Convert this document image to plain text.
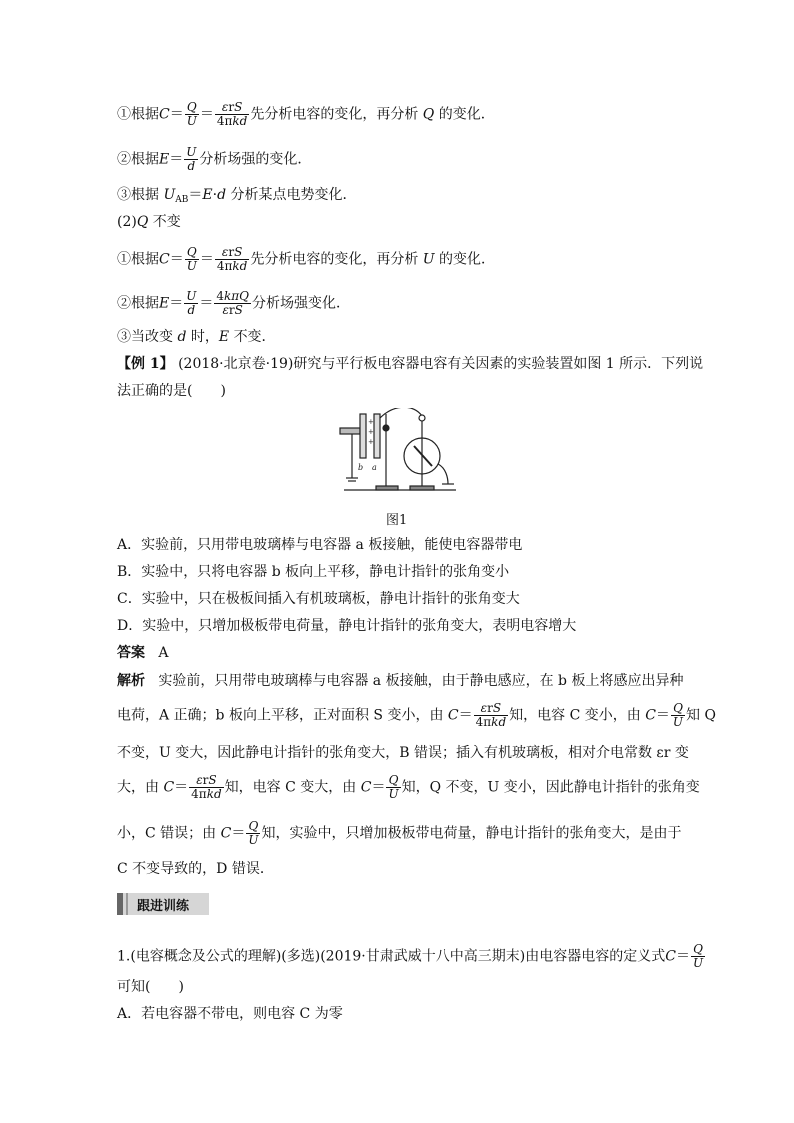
①根据$C= \frac{Q}{U} = \frac{\text{εrS}}{\text{4πkd}}$ 先分析电容的变化，再分析 Q 的变化．
②根据$E= \frac{U}{d}$ 分析场强的变化．
③根据 $U_{AB}=E\cdot d$ 分析某点电势变化．
(2)Q 不变
①根据$C= \frac{Q}{U} = \frac{\text{εrS}}{\text{4πkd}}$ 先分析电容的变化，再分析 U 的变化．
②根据$E= \frac{U}{d} = \frac{\text{4kπQ}}{\text{εrS}}$ 分析场强变化．
③当改变 d 时，E 不变．
【例 1】 (2018·北京卷·19)研究与平行板电容器电容有关因素的实验装置如图 1 所示．下列说
法正确的是(　　)
+
+
+
b a
图1
A．实验前，只用带电玻璃棒与电容器 a 板接触，能使电容器带电
B．实验中，只将电容器 b 板向上平移，静电计指针的张角变小
C．实验中，只在极板间插入有机玻璃板，静电计指针的张角变大
D．实验中，只增加极板带电荷量，静电计指针的张角变大，表明电容增大
答案 A
解析 实验前，只用带电玻璃棒与电容器 a 板接触，由于静电感应，在 b 板上将感应出异种
电荷，A 正确；b 板向上平移，正对面积 S 变小，由 $C= \frac{\text{εrS}}{\text{4πkd}}$ 知，电容 C 变小，由 $C= \frac{Q}{U}$ 知 Q
不变，U 变大，因此静电计指针的张角变大，B 错误；插入有机玻璃板，相对介电常数 εr 变
大，由 $C= \frac{\text{εrS}}{\text{4πkd}}$ 知，电容 C 变大，由 $C= \frac{Q}{U}$ 知，Q 不变，U 变小，因此静电计指针的张角变
小，C 错误；由 $C= \frac{Q}{U}$ 知，实验中，只增加极板带电荷量，静电计指针的张角变大，是由于
C 不变导致的，D 错误．
跟进训练
1.(电容概念及公式的理解)(多选)(2019·甘肃武威十八中高三期末)由电容器电容的定义式$C= \frac{Q}{U}$
可知(　　)
A．若电容器不带电，则电容 C 为零
